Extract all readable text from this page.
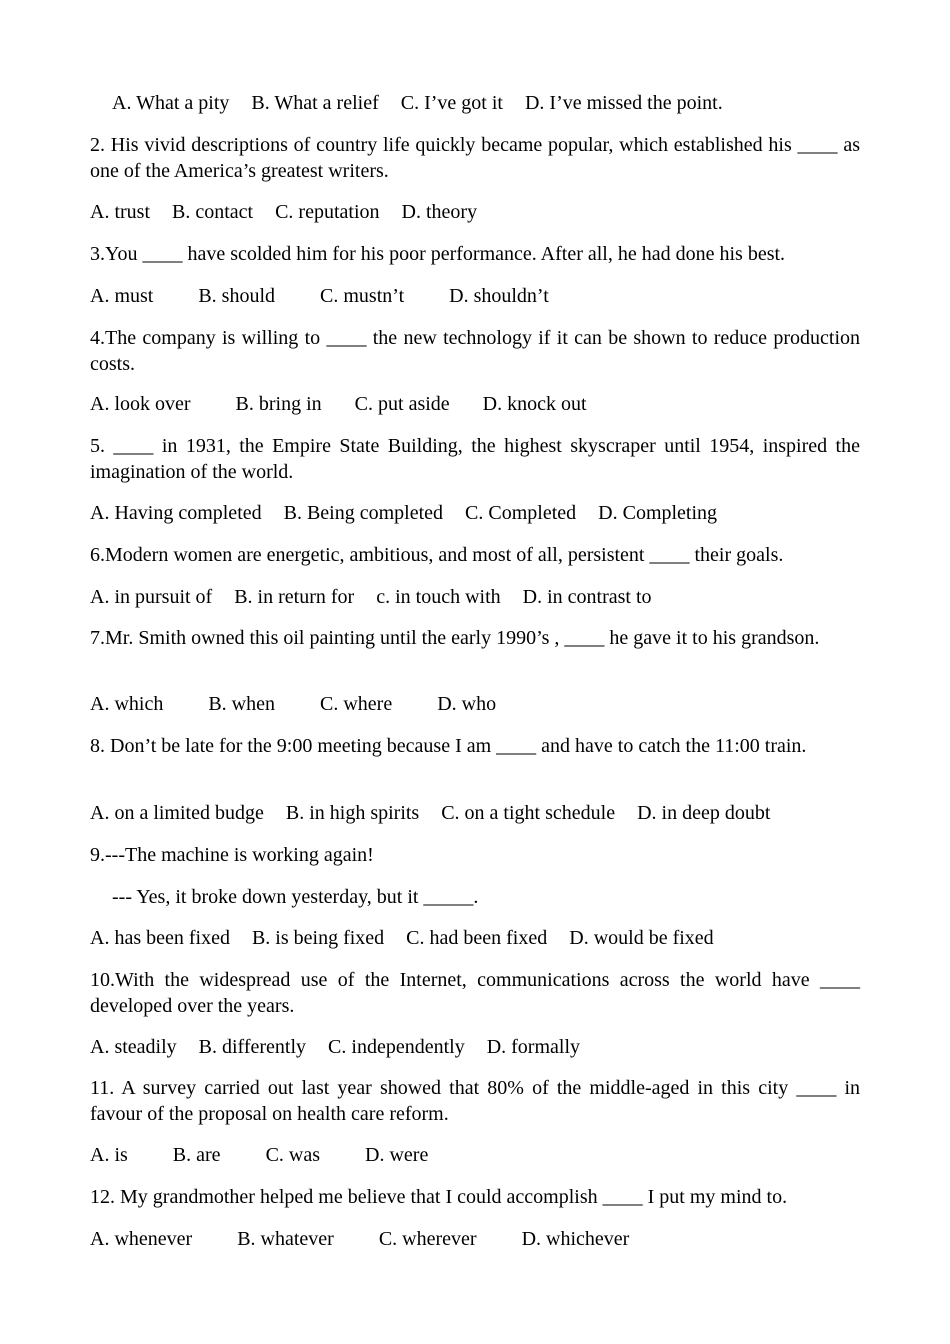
A. What a pity B. What a relief C. I’ve got it D. I’ve missed the point.
2. His vivid descriptions of country life quickly became popular, which established his ____ as one of the America’s greatest writers.
A. trust B. contact C. reputation D. theory
3.You ____ have scolded him for his poor performance. After all, he had done his best.
A. must B. should C. mustn’t D. shouldn’t
4.The company is willing to ____ the new technology if it can be shown to reduce production costs.
A. look over B. bring in C. put aside D. knock out
5. ____ in 1931, the Empire State Building, the highest skyscraper until 1954, inspired the imagination of the world.
A. Having completed B. Being completed C. Completed D. Completing
6.Modern women are energetic, ambitious, and most of all, persistent ____ their goals.
A. in pursuit of B. in return for c. in touch with D. in contrast to
7.Mr. Smith owned this oil painting until the early 1990’s , ____ he gave it to his grandson.
A. which B. when C. where D. who
8. Don’t be late for the 9:00 meeting because I am ____ and have to catch the 11:00 train.
A. on a limited budge B. in high spirits C. on a tight schedule D. in deep doubt
9.---The machine is working again!
--- Yes, it broke down yesterday, but it _____.
A. has been fixed B. is being fixed C. had been fixed D. would be fixed
10.With the widespread use of the Internet, communications across the world have ____ developed over the years.
A. steadily B. differently C. independently D. formally
11. A survey carried out last year showed that 80% of the middle-aged in this city ____ in favour of the proposal on health care reform.
A. is B. are C. was D. were
12. My grandmother helped me believe that I could accomplish ____ I put my mind to.
A. whenever B. whatever C. wherever D. whichever
